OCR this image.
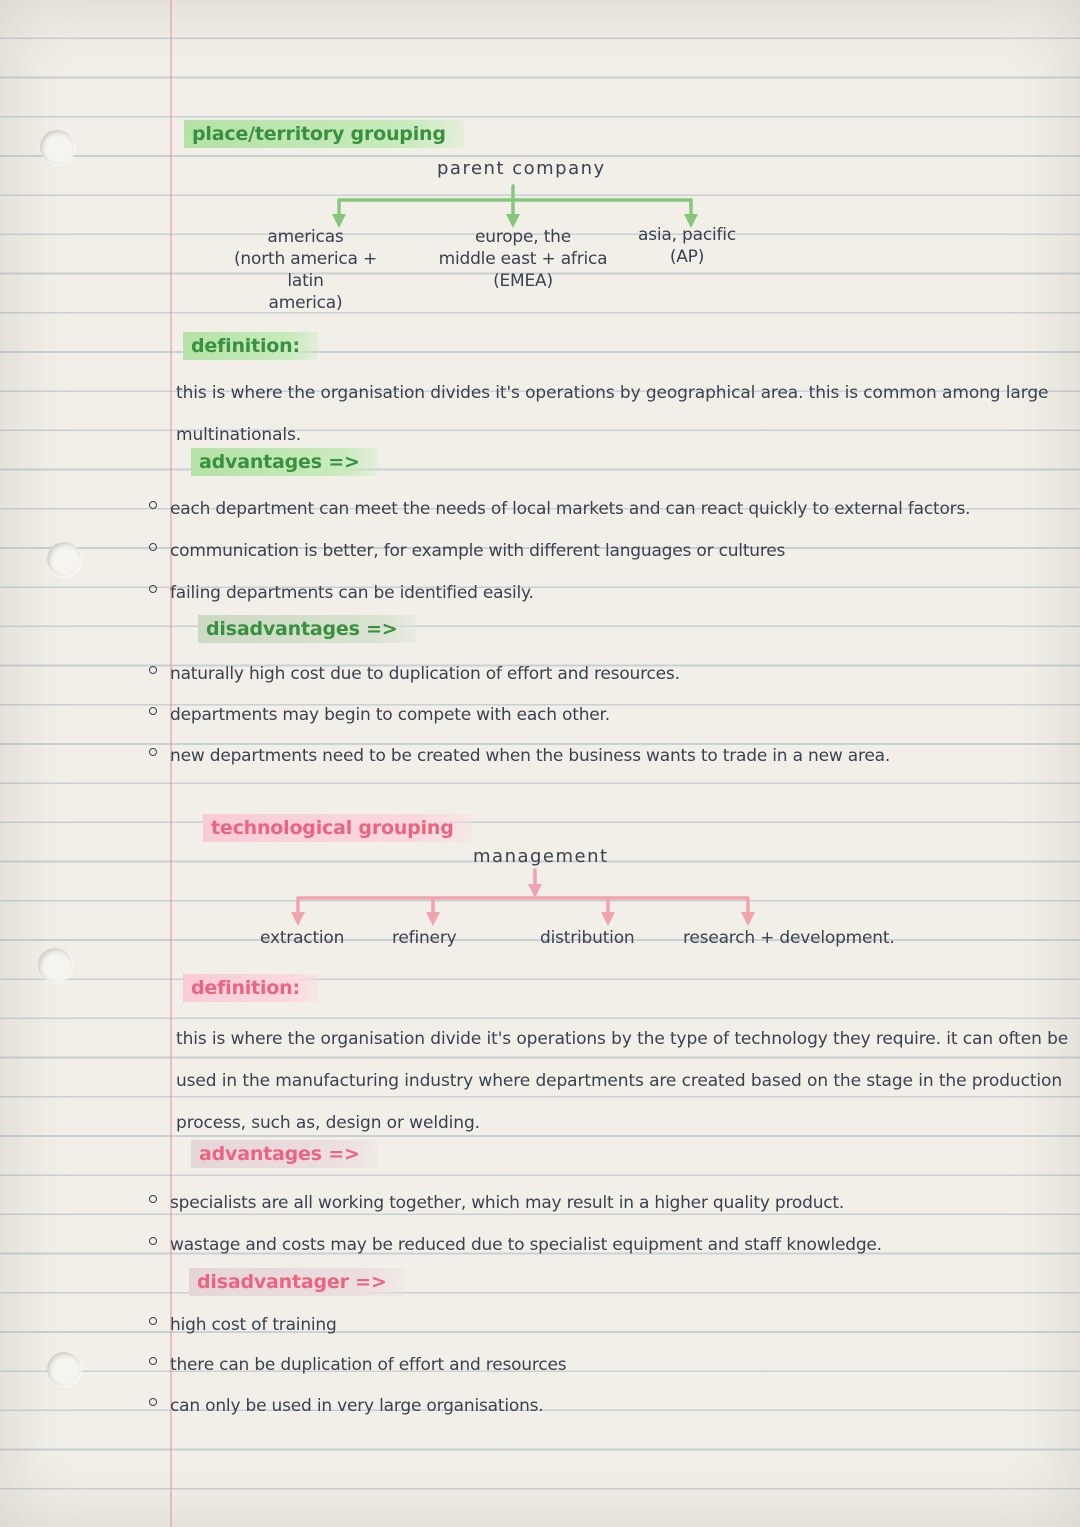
place/territory grouping
parent company
americas
(north america + latin
america)
europe, the
middle east + africa
(EMEA)
asia, pacific
(AP)
definition:

this is where the organisation divides it's operations by geographical area. this is common among large multinationals.

advantages =>
each department can meet the needs of local markets and can react quickly to external factors.
communication is better, for example with different languages or cultures
failing departments can be identified easily.
disadvantages =>
naturally high cost due to duplication of effort and resources.
departments may begin to compete with each other.
new departments need to be created when the business wants to trade in a new area.
technological grouping
management
extraction	refinery	distribution	research + development.
definition:

this is where the organisation divide it's operations by the type of technology they require. it can often be used in the manufacturing industry where departments are created based on the stage in the production process, such as, design or welding.

advantages =>
specialists are all working together, which may result in a higher quality product.
wastage and costs may be reduced due to specialist equipment and staff knowledge.
disadvantager =>
high cost of training
there can be duplication of effort and resources
can only be used in very large organisations.
